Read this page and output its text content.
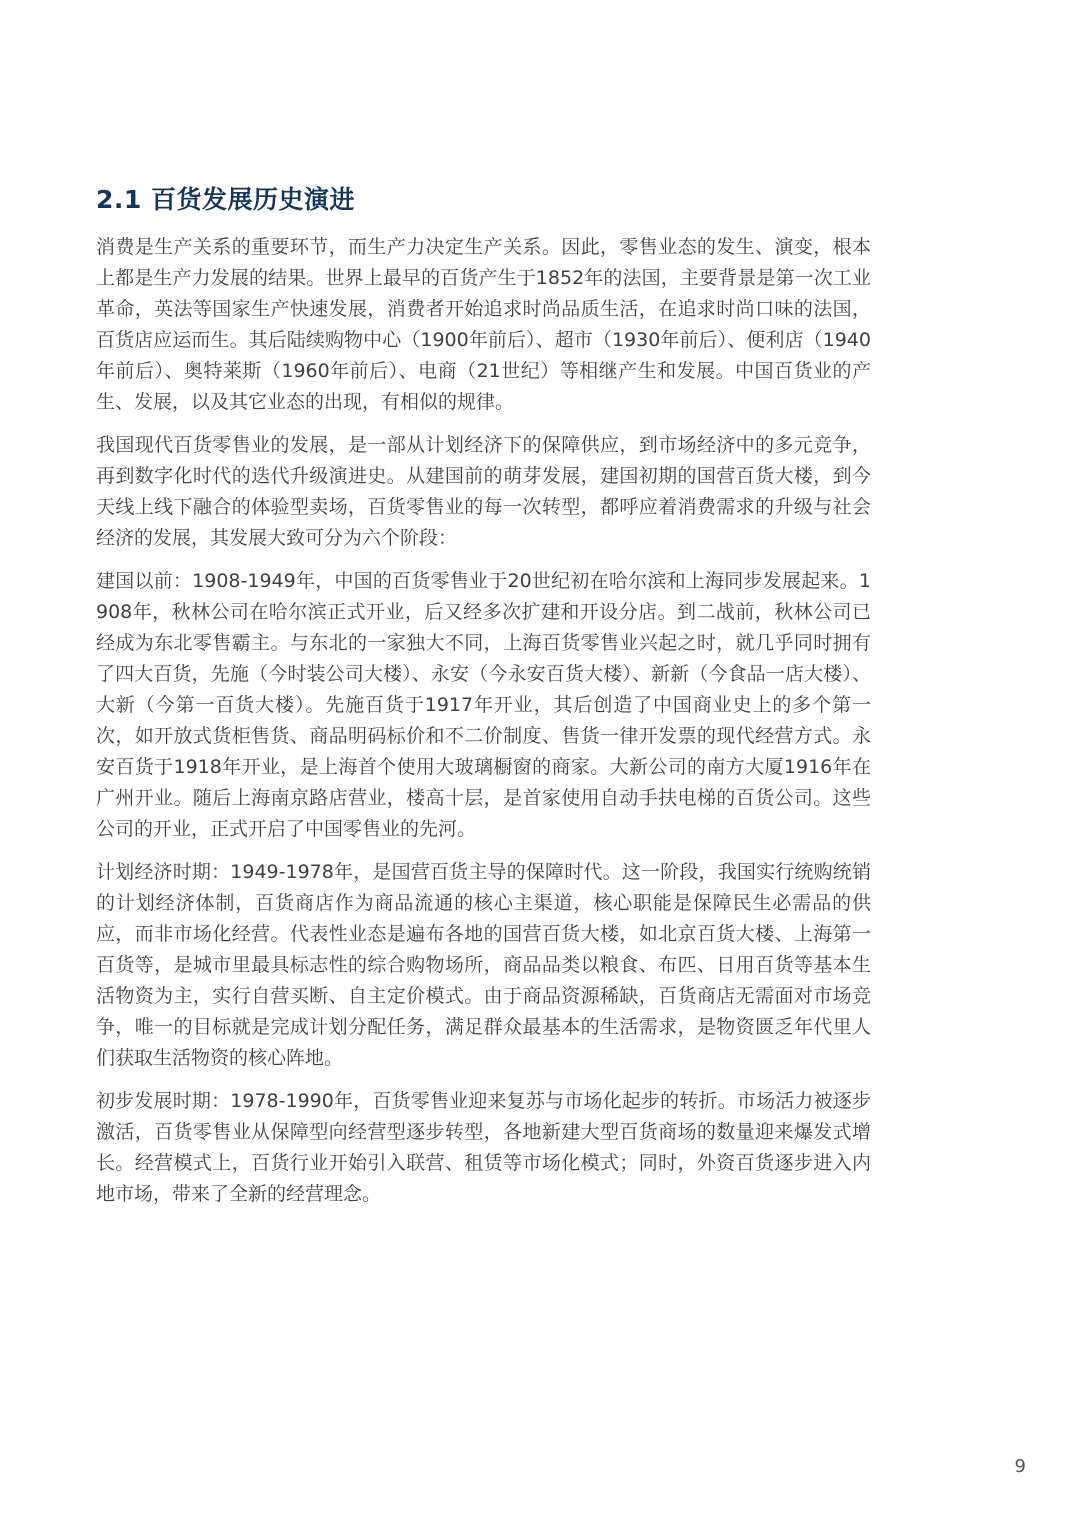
2.1 百货发展历史演进

消费是生产关系的重要环节，而生产力决定生产关系。因此，零售业态的发生、演变，根本上都是生产力发展的结果。世界上最早的百货产生于1852年的法国，主要背景是第一次工业革命，英法等国家生产快速发展，消费者开始追求时尚品质生活，在追求时尚口味的法国，百货店应运而生。其后陆续购物中心（1900年前后）、超市（1930年前后）、便利店（1940年前后）、奥特莱斯（1960年前后）、电商（21世纪）等相继产生和发展。中国百货业的产生、发展，以及其它业态的出现，有相似的规律。

我国现代百货零售业的发展，是一部从计划经济下的保障供应，到市场经济中的多元竞争，再到数字化时代的迭代升级演进史。从建国前的萌芽发展，建国初期的国营百货大楼，到今天线上线下融合的体验型卖场，百货零售业的每一次转型，都呼应着消费需求的升级与社会经济的发展，其发展大致可分为六个阶段：

建国以前：1908-1949年，中国的百货零售业于20世纪初在哈尔滨和上海同步发展起来。1908年，秋林公司在哈尔滨正式开业，后又经多次扩建和开设分店。到二战前，秋林公司已经成为东北零售霸主。与东北的一家独大不同，上海百货零售业兴起之时，就几乎同时拥有了四大百货，先施（今时装公司大楼）、永安（今永安百货大楼）、新新（今食品一店大楼）、大新（今第一百货大楼）。先施百货于1917年开业，其后创造了中国商业史上的多个第一次，如开放式货柜售货、商品明码标价和不二价制度、售货一律开发票的现代经营方式。永安百货于1918年开业，是上海首个使用大玻璃橱窗的商家。大新公司的南方大厦1916年在广州开业。随后上海南京路店营业，楼高十层，是首家使用自动手扶电梯的百货公司。这些公司的开业，正式开启了中国零售业的先河。

计划经济时期：1949-1978年，是国营百货主导的保障时代。这一阶段，我国实行统购统销的计划经济体制，百货商店作为商品流通的核心主渠道，核心职能是保障民生必需品的供应，而非市场化经营。代表性业态是遍布各地的国营百货大楼，如北京百货大楼、上海第一百货等，是城市里最具标志性的综合购物场所，商品品类以粮食、布匹、日用百货等基本生活物资为主，实行自营买断、自主定价模式。由于商品资源稀缺，百货商店无需面对市场竞争，唯一的目标就是完成计划分配任务，满足群众最基本的生活需求，是物资匮乏年代里人们获取生活物资的核心阵地。

初步发展时期：1978-1990年，百货零售业迎来复苏与市场化起步的转折。市场活力被逐步激活，百货零售业从保障型向经营型逐步转型，各地新建大型百货商场的数量迎来爆发式增长。经营模式上，百货行业开始引入联营、租赁等市场化模式；同时，外资百货逐步进入内地市场，带来了全新的经营理念。

9
